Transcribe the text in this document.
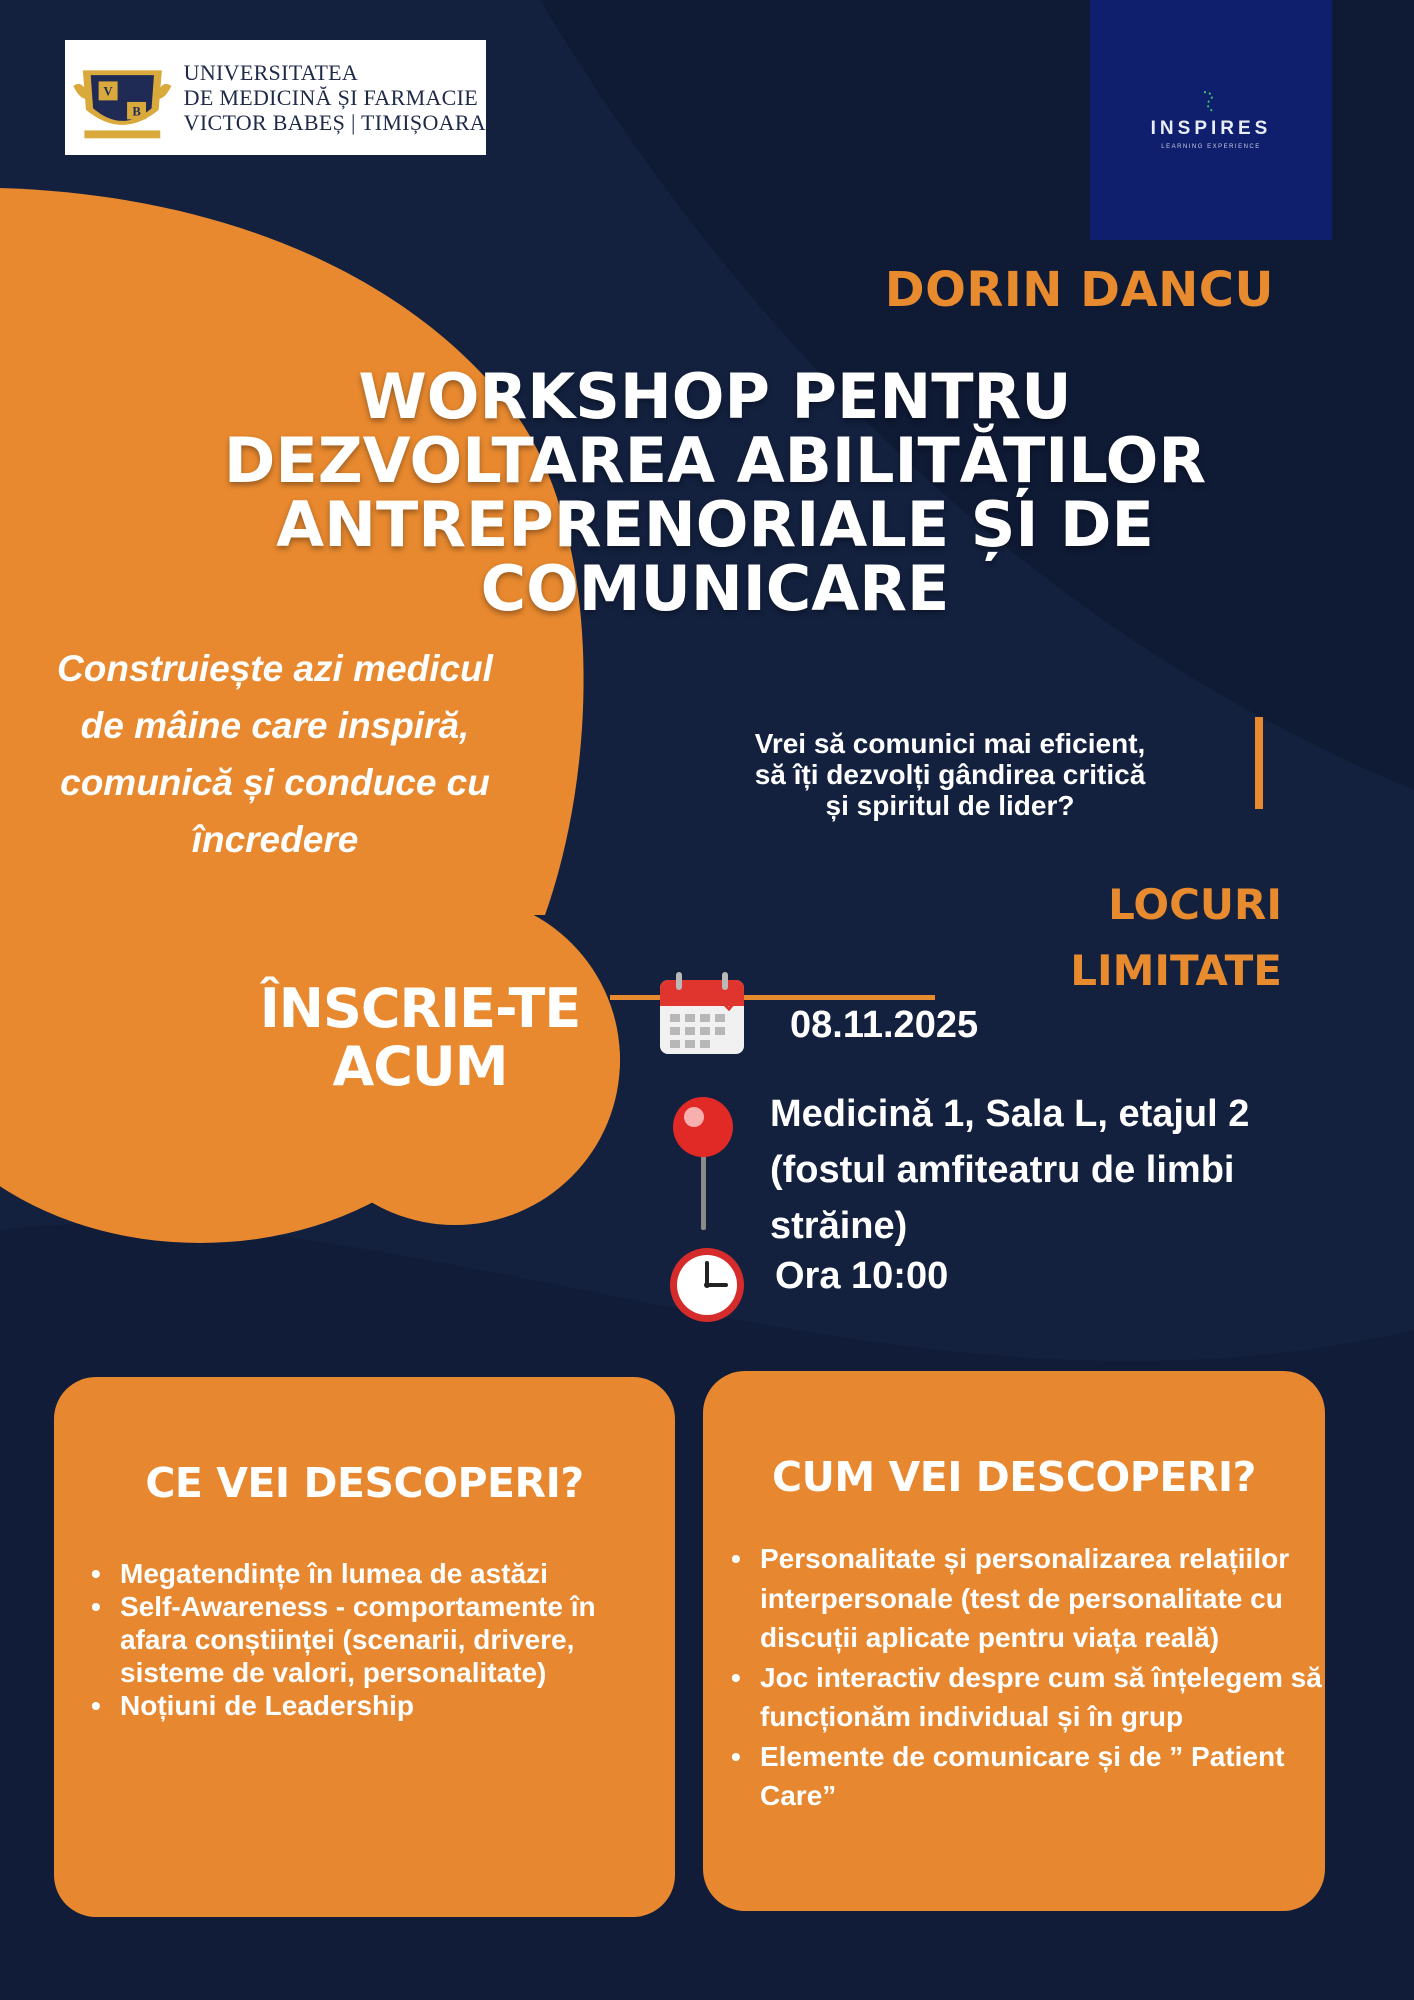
V
B
UNIVERSITATEA
DE MEDICINĂ ȘI FARMACIE
VICTOR BABEȘ | TIMIȘOARA	INSPIRES
LEARNING EXPERIENCE
DORIN DANCU
WORKSHOP PENTRU
DEZVOLTAREA ABILITĂȚILOR
ANTREPRENORIALE ȘI DE
COMUNICARE
Construiește azi medicul
de mâine care inspiră,
comunică și conduce cu
încredere
Vrei să comunici mai eficient,
să îți dezvolți gândirea critică
și spiritul de lider?
LOCURI
LIMITATE
ÎNSCRIE-TE
ACUM
08.11.2025
Medicină 1, Sala L, etajul 2
(fostul amfiteatru de limbi
străine)
Ora 10:00
CE VEI DESCOPERI?
• Megatendințe în lumea de astăzi
• Self-Awareness - comportamente în afara conștiinței (scenarii, drivere, sisteme de valori, personalitate)
• Noțiuni de Leadership
CUM VEI DESCOPERI?
• Personalitate și personalizarea relațiilor interpersonale (test de personalitate cu discuții aplicate pentru viața reală)
• Joc interactiv despre cum să înțelegem să funcționăm individual și în grup
• Elemente de comunicare și de ” Patient Care”
